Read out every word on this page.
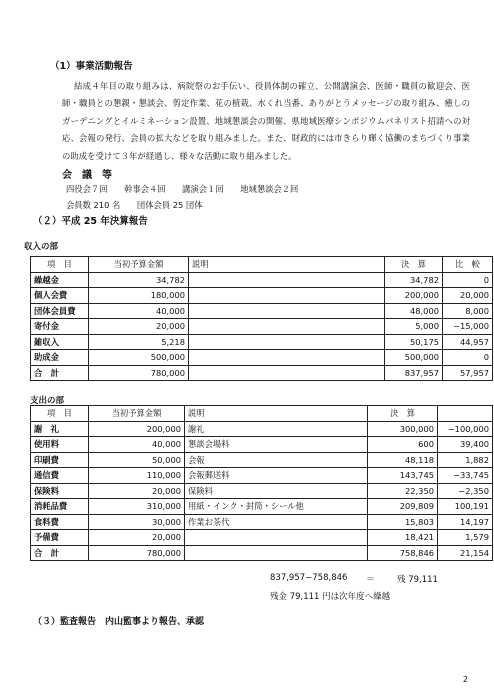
（1）事業活動報告

結成４年目の取り組みは、病院祭のお手伝い、役員体制の確立、公開講演会、医師・職員の歓迎会、医師・職員との懇親・懇談会、剪定作業、花の植栽、水くれ当番、ありがとうメッセージの取り組み、癒しのガーデニングとイルミネーション設置、地域懇談会の開催、県地域医療シンポジウムパネリスト招請への対応、会報の発行、会員の拡大などを取り組みました。また、財政的には市きらり輝く協働のまちづくり事業の助成を受けて３年が経過し、様々な活動に取り組みました。

会　議　等
四役会７回　　幹事会４回　　講演会１回　　地域懇談会２回
会員数 210 名　　団体会員 25 団体
（２）平成 25 年決算報告
収入の部
項　目	当初予算金額	説明	決　算	比　較
繰越金	34,782		34,782	0
個人会費	180,000		200,000	20,000
団体会員費	40,000		48,000	8,000
寄付金	20,000		5,000	−15,000
雑収入	5,218		50,175	44,957
助成金	500,000		500,000	0
合　計	780,000		837,957	57,957
支出の部
項　目	当初予算金額	説明	決　算	
謝　礼	200,000	謝礼	300,000	−100,000
使用料	40,000	懇談会場料	600	39,400
印刷費	50,000	会報	48,118	1,882
通信費	110,000	会報郵送料	143,745	−33,745
保険料	20,000	保険料	22,350	−2,350
消耗品費	310,000	用紙・インク・封筒・シール他	209,809	100,191
食料費	30,000	作業お茶代	15,803	14,197
予備費	20,000		18,421	1,579
合　計	780,000		758,846	21,154
837,957−758,846 ＝	残 79,111
残金 79,111 円は次年度へ繰越
（３）監査報告　内山監事より報告、承認
2
